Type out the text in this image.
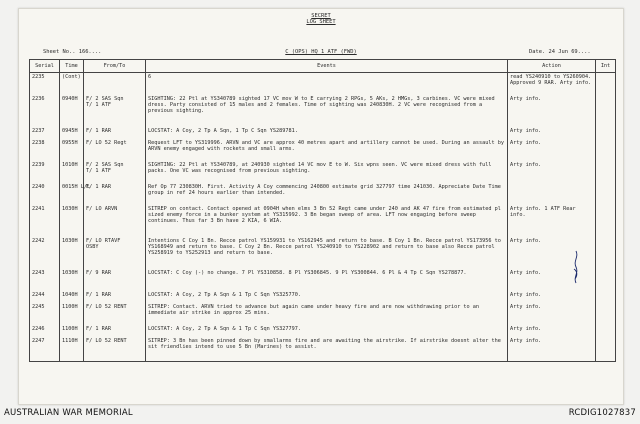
SECRET
LOG SHEET
Sheet No.. 166....	C (OPS) HQ 1 ATF (FWD)	Date. 24 Jun 69....
Serial	Time	From/To	Events	Action	Int
2235	(Cont)		6	read YS240910 to YS260904. Approved 9 RAR. Arty info.	
2236	0940H	F/ 2 SAS Sqn
T/ 1 ATF	SIGHTING: 22 Ptl at YS340789 sighted 17 VC mov W to E carrying 2 RPGs, 5 AKs, 2 HMGs, 3 carbines. VC were mixed dress. Party consisted of 15 males and 2 females. Time of sighting was 240830H. 2 VC were recognised from a previous sighting.	Arty info.	
2237	0945H	F/ 1 RAR	LOCSTAT: A Coy, 2 Tp A Sqn, 1 Tp C Sqn YS289781.	Arty info.	
2238	0955H	F/ LO 52 Regt	Request LFT to YS319996. ARVN and VC are approx 40 metres apart and artillery cannot be used. During an assault by ARVN enemy engaged with rockets and small arms.	Arty info.	
2239	1010H	F/ 2 SAS Sqn
T/ 1 ATF	SIGHTING: 22 Ptl at YS340789, at 240930 sighted 14 VC mov E to W. Six wpns seen. VC were mixed dress with full packs. One VC was recognised from previous sighting.	Arty info.	
2240	0015H L/L	F/ 1 RAR	Ref Op 77 230830H. First. Activity A Coy commencing 240800 estimate grid 327797 time 241030. Appreciate Date Time group in ref 24 hours earlier than intended.		
2241	1030H	F/ LO ARVN	SITREP on contact. Contact opened at 0904H when elms 3 Bn 52 Regt came under 240 and AK 47 fire from estimated pl sized enemy force in a bunker system at YS315992. 3 Bn began sweep of area. LFT now engaging before sweep continues. Thus far 3 Bn have 2 KIA, 6 WIA.	Arty info. 1 ATF Rear info.	
2242	1030H	F/ LO RTAVF
OSBY	Intentions C Coy 1 Bn. Recce patrol YS159931 to YS162945 and return to base. B Coy 1 Bn. Recce patrol YS173956 to YS168949 and return to base. C Coy 2 Bn. Recce patrol YS240910 to YS228902 and return to base also Recce patrol YS258919 to YS252913 and return to base.	Arty info.	
2243	1030H	F/ 9 RAR	LOCSTAT: C Coy (-) no change. 7 Pl YS310858. 8 Pl YS306845. 9 Pl YS300844. 6 Pl & 4 Tp C Sqn YS278877.	Arty info.	
2244	1040H	F/ 1 RAR	LOCSTAT: A Coy, 2 Tp A Sqn & 1 Tp C Sqn YS325770.	Arty info.	
2245	1100H	F/ LO 52 RENT	SITREP: Contact. ARVN tried to advance but again came under heavy fire and are now withdrawing prior to an immediate air strike in approx 25 mins.	Arty info.	
2246	1100H	F/ 1 RAR	LOCSTAT: A Coy, 2 Tp A Sqn & 1 Tp C Sqn YS327797.	Arty info.	
2247	1110H	F/ LO 52 RENT	SITREP: 3 Bn has been pinned down by smallarms fire and are awaiting the airstrike. If airstrike doesnt alter the sit friendlies intend to use 5 Bn (Marines) to assist.	Arty info.	

AUSTRALIAN WAR MEMORIAL	RCDIG1027837
